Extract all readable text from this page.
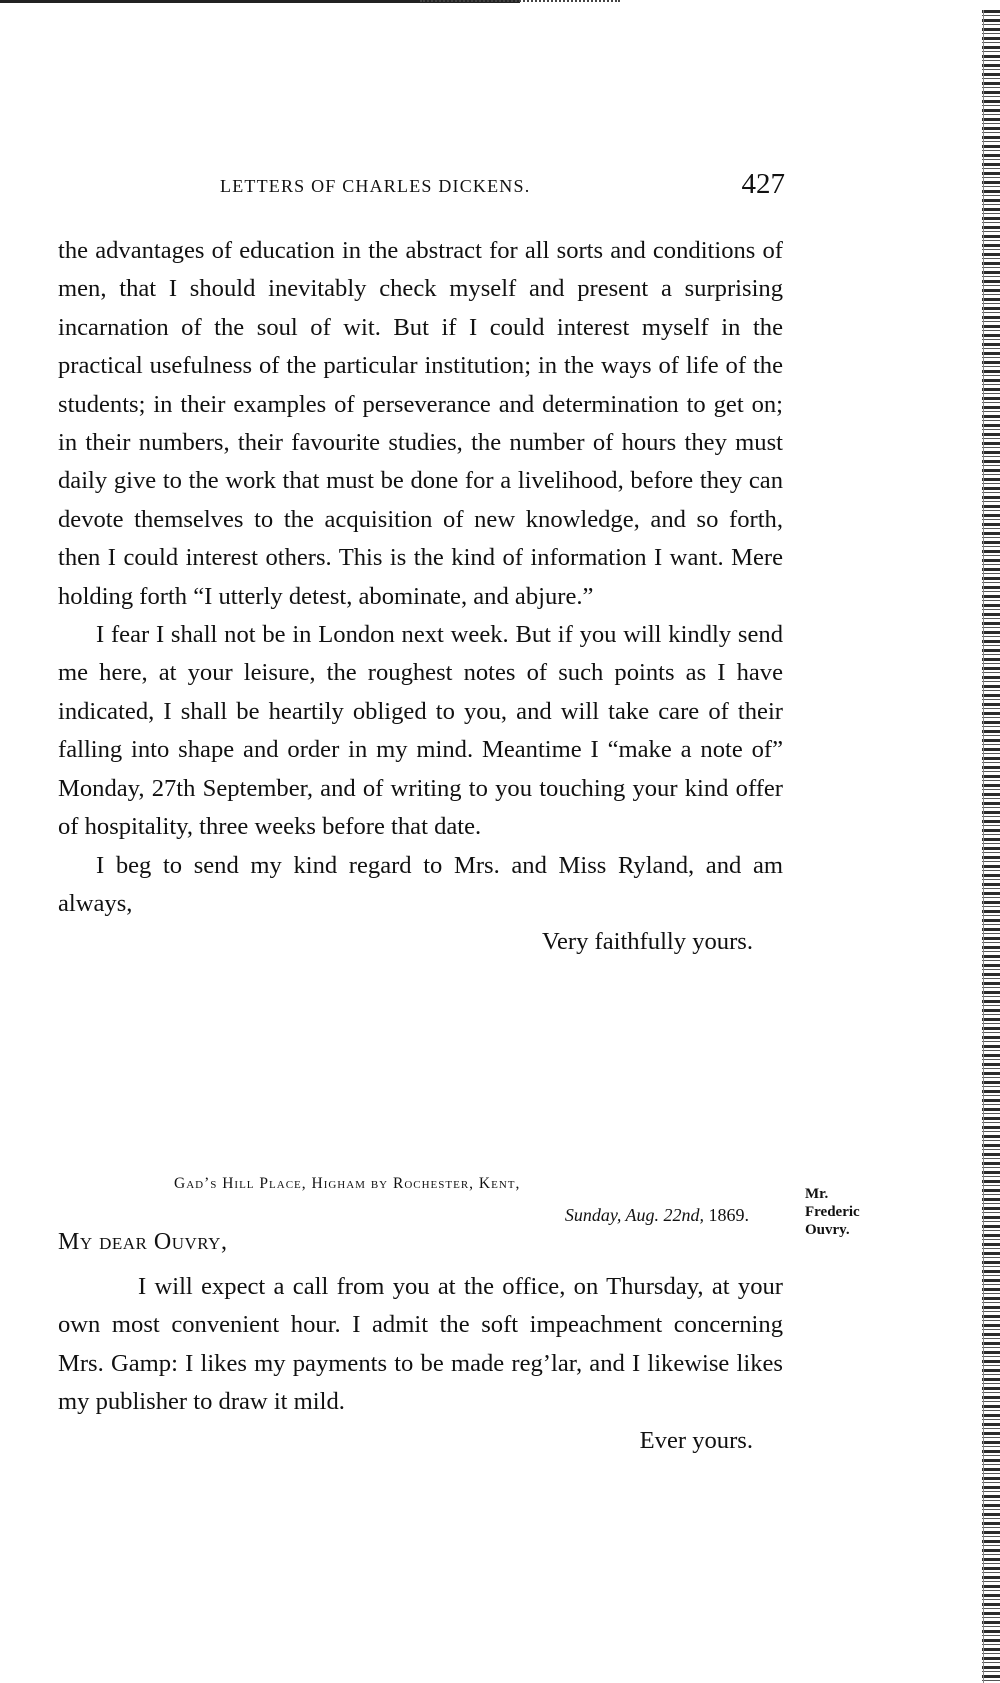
LETTERS OF CHARLES DICKENS.	427

the advantages of education in the abstract for all sorts and conditions of men, that I should inevitably check myself and present a surprising incarnation of the soul of wit. But if I could interest myself in the practical usefulness of the particular institution; in the ways of life of the students; in their examples of perseverance and determination to get on; in their numbers, their favourite studies, the number of hours they must daily give to the work that must be done for a livelihood, before they can devote themselves to the acquisition of new knowledge, and so forth, then I could interest others. This is the kind of information I want. Mere holding forth “I utterly detest, abominate, and abjure.”

I fear I shall not be in London next week. But if you will kindly send me here, at your leisure, the roughest notes of such points as I have indicated, I shall be heartily obliged to you, and will take care of their falling into shape and order in my mind. Meantime I “make a note of” Monday, 27th September, and of writing to you touching your kind offer of hospitality, three weeks before that date.

I beg to send my kind regard to Mrs. and Miss Ryland, and am always,

Very faithfully yours.

Gad’s Hill Place, Higham by Rochester, Kent,
Sunday, Aug. 22nd, 1869.
My dear Ouvry,

I will expect a call from you at the office, on Thursday, at your own most convenient hour. I admit the soft impeachment concerning Mrs. Gamp: I likes my payments to be made reg’lar, and I likewise likes my publisher to draw it mild.

Ever yours.

Mr.
Frederic
Ouvry.
